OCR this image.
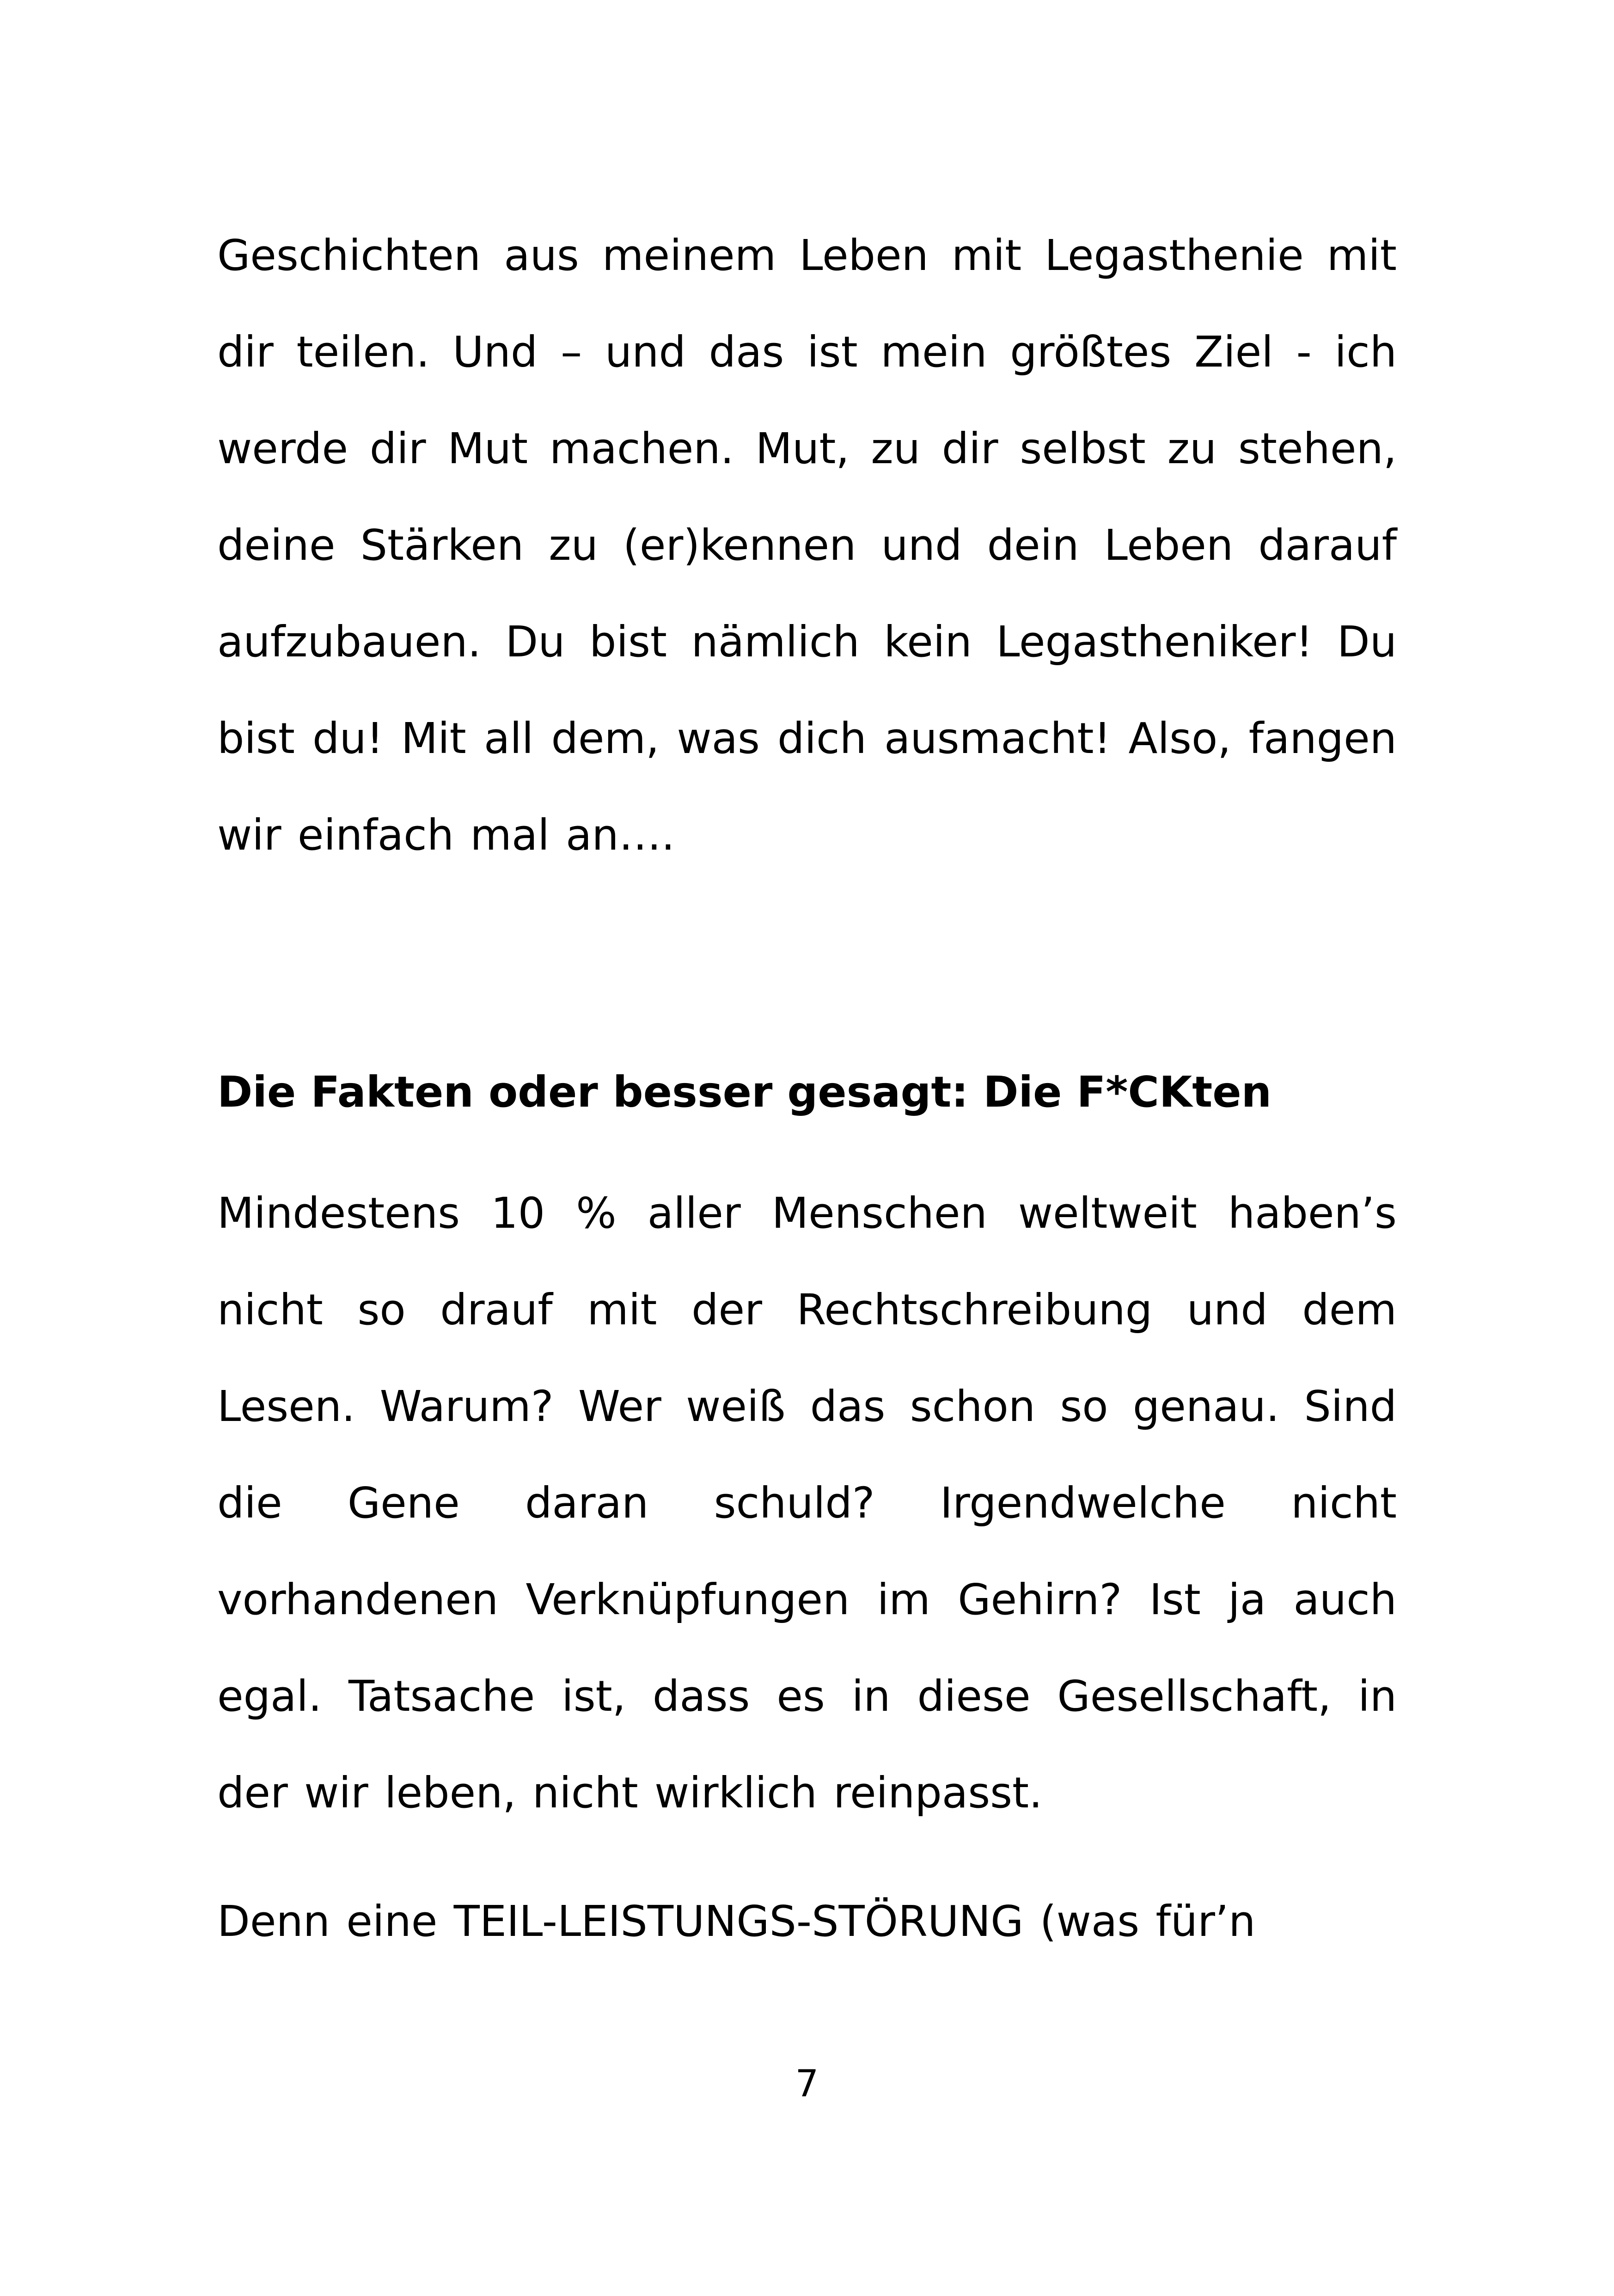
Geschichten aus meinem Leben mit Legasthenie mit dir teilen. Und – und das ist mein größtes Ziel - ich werde dir Mut machen. Mut, zu dir selbst zu stehen, deine Stärken zu (er)kennen und dein Leben darauf aufzubauen. Du bist nämlich kein Legastheniker! Du bist du! Mit all dem, was dich ausmacht! Also, fangen wir einfach mal an….

Die Fakten oder besser gesagt: Die F*CKten

Mindestens 10 % aller Menschen weltweit haben’s nicht so drauf mit der Rechtschreibung und dem Lesen. Warum? Wer weiß das schon so genau. Sind die Gene daran schuld? Irgendwelche nicht vorhandenen Verknüpfungen im Gehirn? Ist ja auch egal. Tatsache ist, dass es in diese Gesellschaft, in der wir leben, nicht wirklich reinpasst.

Denn eine TEIL-LEISTUNGS-STÖRUNG (was für’n

7
